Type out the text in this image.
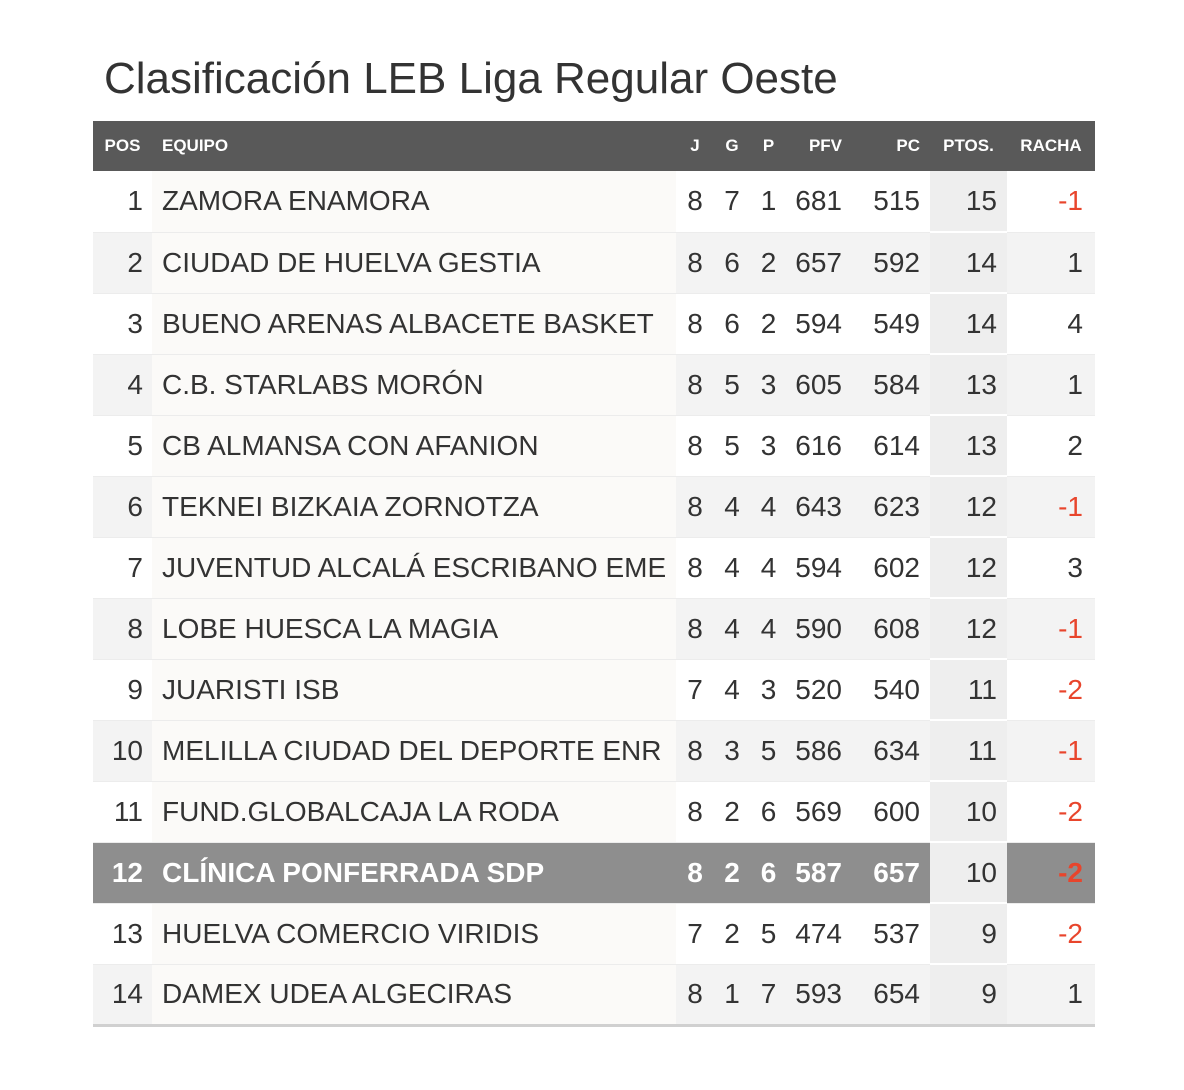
Clasificación LEB Liga Regular Oeste
POS	EQUIPO	J	G	P	PFV	PC	PTOS.	RACHA
1	ZAMORA ENAMORA	8	7	1	681	515	15	-1
2	CIUDAD DE HUELVA GESTIA	8	6	2	657	592	14	1
3	BUENO ARENAS ALBACETE BASKET	8	6	2	594	549	14	4
4	C.B. STARLABS MORÓN	8	5	3	605	584	13	1
5	CB ALMANSA CON AFANION	8	5	3	616	614	13	2
6	TEKNEI BIZKAIA ZORNOTZA	8	4	4	643	623	12	-1
7	JUVENTUD ALCALÁ ESCRIBANO EME	8	4	4	594	602	12	3
8	LOBE HUESCA LA MAGIA	8	4	4	590	608	12	-1
9	JUARISTI ISB	7	4	3	520	540	11	-2
10	MELILLA CIUDAD DEL DEPORTE ENR	8	3	5	586	634	11	-1
11	FUND.GLOBALCAJA LA RODA	8	2	6	569	600	10	-2
12	CLÍNICA PONFERRADA SDP	8	2	6	587	657	10	-2
13	HUELVA COMERCIO VIRIDIS	7	2	5	474	537	9	-2
14	DAMEX UDEA ALGECIRAS	8	1	7	593	654	9	1
